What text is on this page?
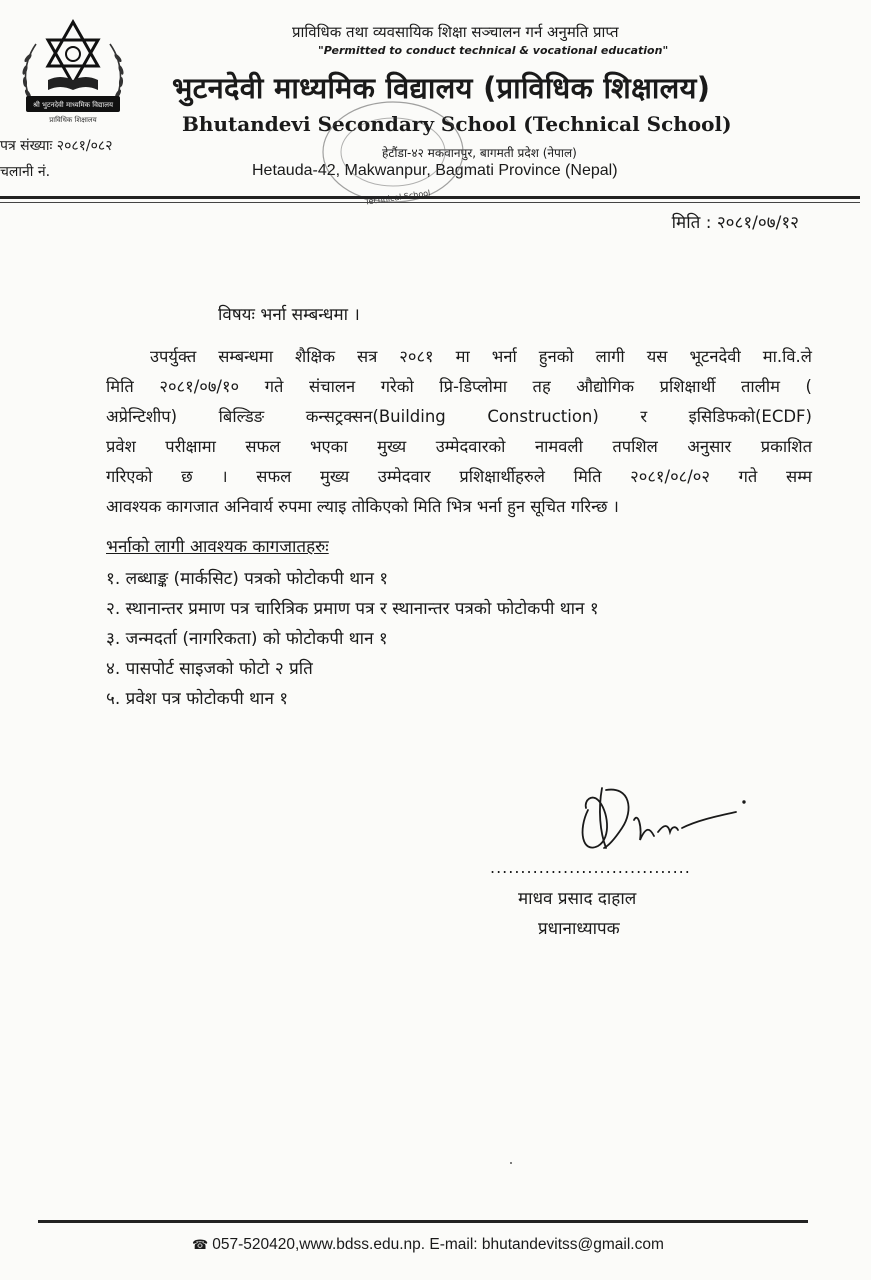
श्री भुटनदेवी माध्यमिक विद्यालय
प्राविधिक शिक्षालय
प्राविधिक तथा व्यवसायिक शिक्षा सञ्चालन गर्न अनुमति प्राप्त
"Permitted to conduct technical & vocational education"
भुटनदेवी माध्यमिक विद्यालय (प्राविधिक शिक्षालय)
Bhutandevi Secondary School (Technical School)
हेटौंडा-४२ मकवानपुर, बागमती प्रदेश (नेपाल)
Hetauda-42, Makwanpur, Bagmati Province (Nepal)
Technical School
पत्र संख्याः २०८१/०८२
चलानी नं.
मिति : २०८१/०७/१२
विषयः भर्ना सम्बन्धमा ।
उपर्युक्त सम्बन्धमा शैक्षिक सत्र २०८१ मा भर्ना हुनको लागी यस भूटनदेवी मा.वि.ले
मिति २०८१/०७/१० गते संचालन गरेको प्रि-डिप्लोमा तह औद्योगिक प्रशिक्षार्थी तालीम (
अप्रेन्टिशीप) बिल्डिङ कन्सट्रक्सन(Building Construction) र इसिडिफको(ECDF)
प्रवेश परीक्षामा सफल भएका मुख्य उम्मेदवारको नामवली तपशिल अनुसार प्रकाशित
गरिएको छ । सफल मुख्य उम्मेदवार प्रशिक्षार्थीहरुले मिति २०८१/०८/०२ गते सम्म
आवश्यक कागजात अनिवार्य रुपमा ल्याइ तोकिएको मिति भित्र भर्ना हुन सूचित गरिन्छ ।
भर्नाको लागी आवश्यक कागजातहरुः
१. लब्धाङ्क (मार्कसिट) पत्रको फोटोकपी थान १
२. स्थानान्तर प्रमाण पत्र चारित्रिक प्रमाण पत्र र स्थानान्तर पत्रको फोटोकपी थान १
३. जन्मदर्ता (नागरिकता) को फोटोकपी थान १
४. पासपोर्ट साइजको फोटो २ प्रति
५. प्रवेश पत्र फोटोकपी थान १
.................................
माधव प्रसाद दाहाल
प्रधानाध्यापक
☎ 057-520420,www.bdss.edu.np. E-mail: bhutandevitss@gmail.com
